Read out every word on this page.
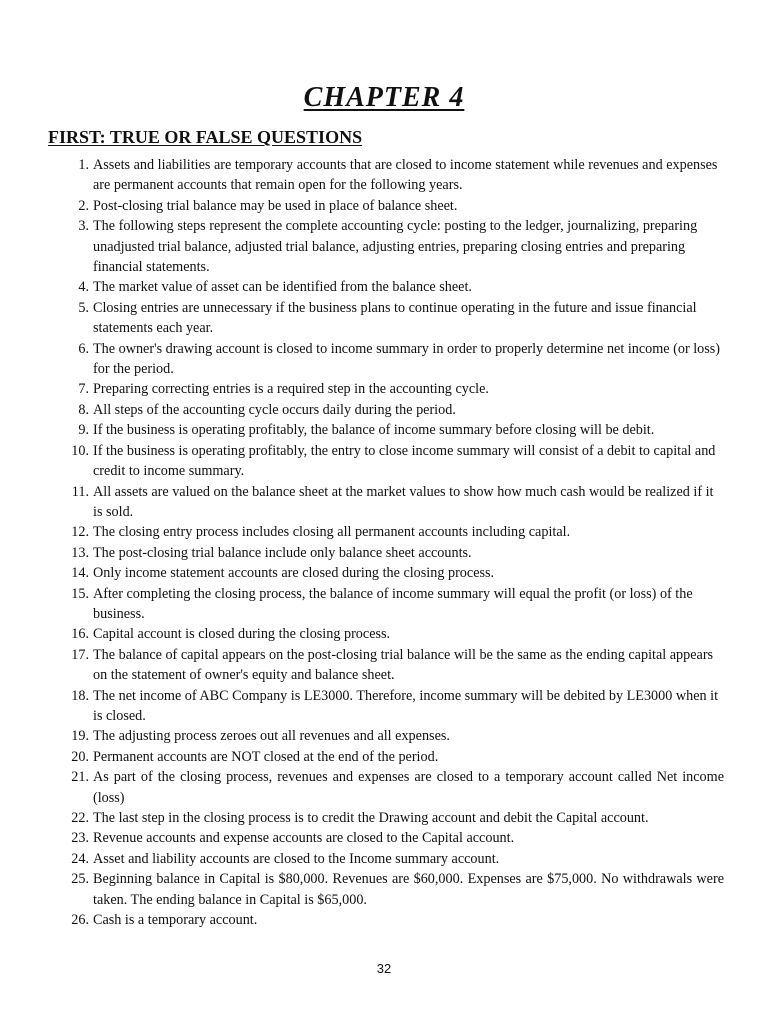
CHAPTER 4
FIRST: TRUE OR FALSE QUESTIONS
1. Assets and liabilities are temporary accounts that are closed to income statement while revenues and expenses are permanent accounts that remain open for the following years.
2. Post-closing trial balance may be used in place of balance sheet.
3. The following steps represent the complete accounting cycle: posting to the ledger, journalizing, preparing unadjusted trial balance, adjusted trial balance, adjusting entries, preparing closing entries and preparing financial statements.
4. The market value of asset can be identified from the balance sheet.
5. Closing entries are unnecessary if the business plans to continue operating in the future and issue financial statements each year.
6. The owner's drawing account is closed to income summary in order to properly determine net income (or loss) for the period.
7. Preparing correcting entries is a required step in the accounting cycle.
8. All steps of the accounting cycle occurs daily during the period.
9. If the business is operating profitably, the balance of income summary before closing will be debit.
10. If the business is operating profitably, the entry to close income summary will consist of a debit to capital and credit to income summary.
11. All assets are valued on the balance sheet at the market values to show how much cash would be realized if it is sold.
12. The closing entry process includes closing all permanent accounts including capital.
13. The post-closing trial balance include only balance sheet accounts.
14. Only income statement accounts are closed during the closing process.
15. After completing the closing process, the balance of income summary will equal the profit (or loss) of the business.
16. Capital account is closed during the closing process.
17. The balance of capital appears on the post-closing trial balance will be the same as the ending capital appears on the statement of owner's equity and balance sheet.
18. The net income of ABC Company is LE3000. Therefore, income summary will be debited by LE3000 when it is closed.
19. The adjusting process zeroes out all revenues and all expenses.
20. Permanent accounts are NOT closed at the end of the period.
21. As part of the closing process, revenues and expenses are closed to a temporary account called Net income (loss)
22. The last step in the closing process is to credit the Drawing account and debit the Capital account.
23. Revenue accounts and expense accounts are closed to the Capital account.
24. Asset and liability accounts are closed to the Income summary account.
25. Beginning balance in Capital is $80,000. Revenues are $60,000. Expenses are $75,000. No withdrawals were taken. The ending balance in Capital is $65,000.
26. Cash is a temporary account.
32
